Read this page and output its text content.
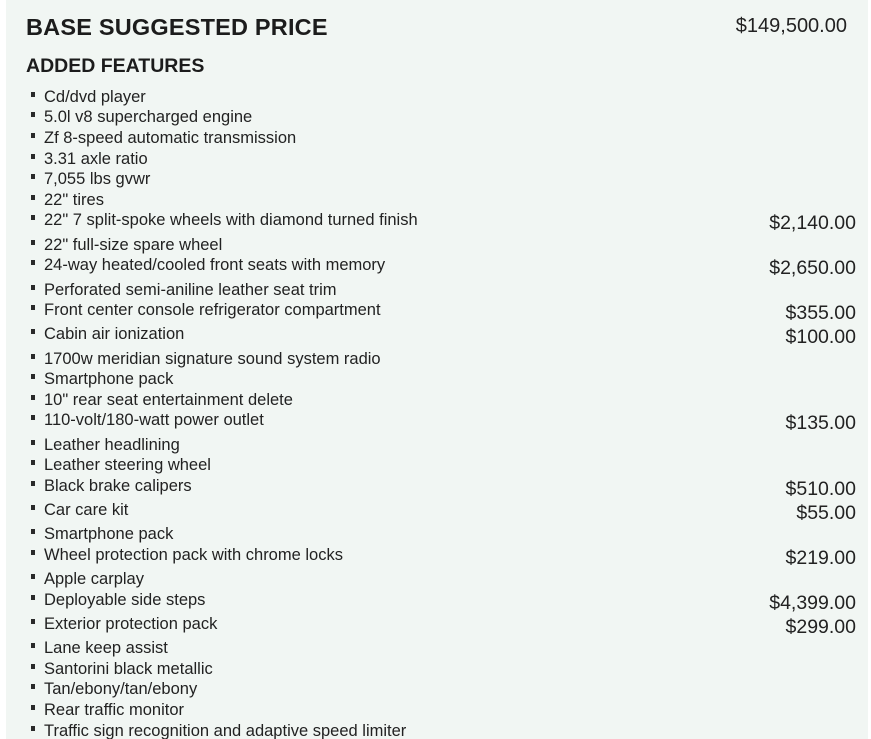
BASE SUGGESTED PRICE	$149,500.00
ADDED FEATURES
Cd/dvd player
5.0l v8 supercharged engine
Zf 8-speed automatic transmission
3.31 axle ratio
7,055 lbs gvwr
22" tires
22" 7 split-spoke wheels with diamond turned finish	$2,140.00
22" full-size spare wheel
24-way heated/cooled front seats with memory	$2,650.00
Perforated semi-aniline leather seat trim
Front center console refrigerator compartment	$355.00
Cabin air ionization	$100.00
1700w meridian signature sound system radio
Smartphone pack
10" rear seat entertainment delete
110-volt/180-watt power outlet	$135.00
Leather headlining
Leather steering wheel
Black brake calipers	$510.00
Car care kit	$55.00
Smartphone pack
Wheel protection pack with chrome locks	$219.00
Apple carplay
Deployable side steps	$4,399.00
Exterior protection pack	$299.00
Lane keep assist
Santorini black metallic
Tan/ebony/tan/ebony
Rear traffic monitor
Traffic sign recognition and adaptive speed limiter
